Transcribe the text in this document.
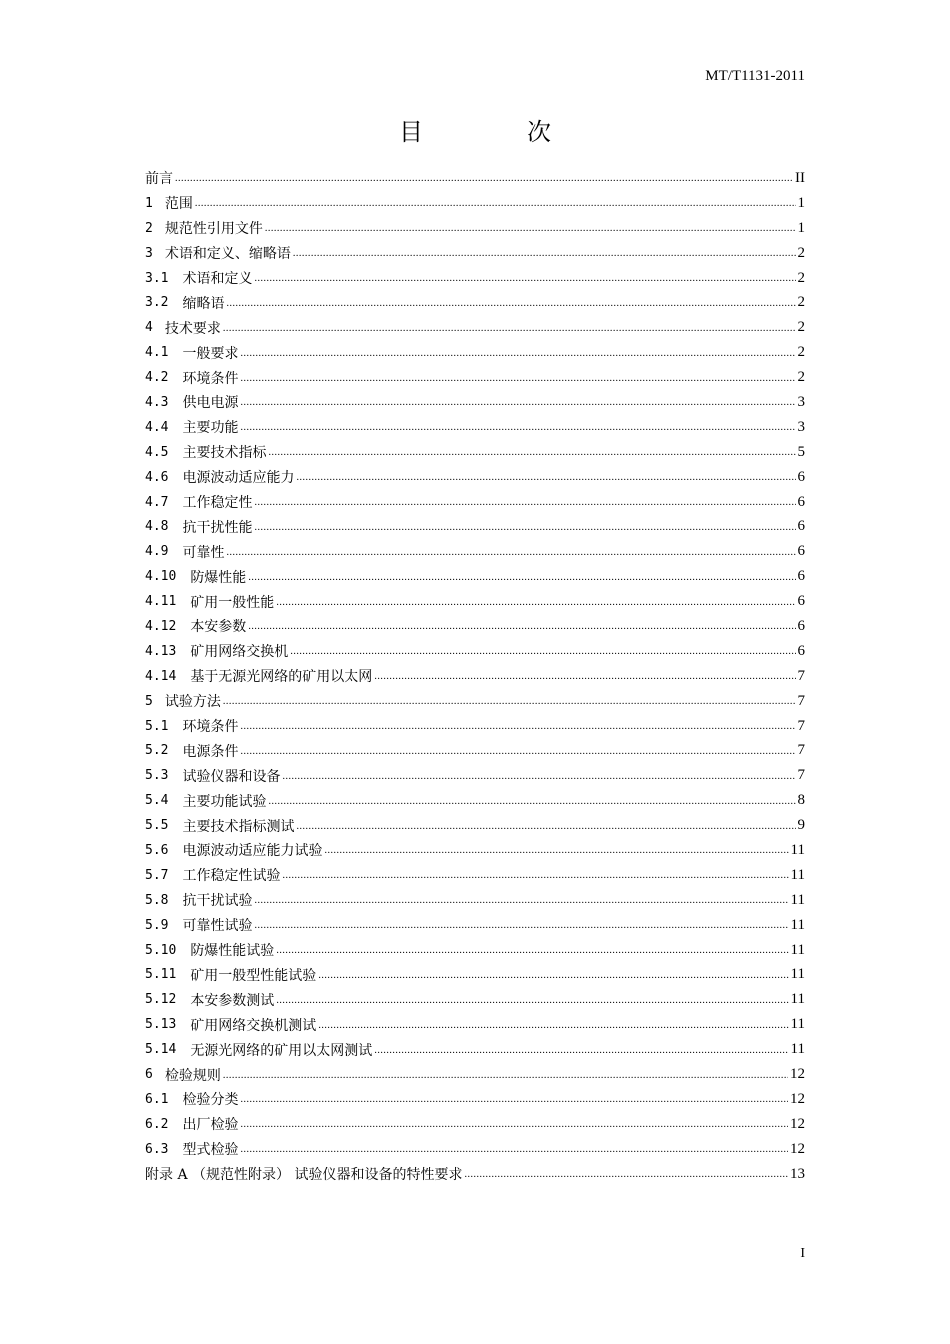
MT/T1131-2011
目　次
前言 .....	II
1 范围 .....	1
2 规范性引用文件 .....	1
3 术语和定义、缩略语 .....	2
3.1 术语和定义 .....	2
3.2 缩略语 .....	2
4 技术要求 .....	2
4.1 一般要求 .....	2
4.2 环境条件 .....	2
4.3 供电电源 .....	3
4.4 主要功能 .....	3
4.5 主要技术指标 .....	5
4.6 电源波动适应能力 .....	6
4.7 工作稳定性 .....	6
4.8 抗干扰性能 .....	6
4.9 可靠性 .....	6
4.10 防爆性能 .....	6
4.11 矿用一般性能 .....	6
4.12 本安参数 .....	6
4.13 矿用网络交换机 .....	6
4.14 基于无源光网络的矿用以太网 .....	7
5 试验方法 .....	7
5.1 环境条件 .....	7
5.2 电源条件 .....	7
5.3 试验仪器和设备 .....	7
5.4 主要功能试验 .....	8
5.5 主要技术指标测试 .....	9
5.6 电源波动适应能力试验 .....	11
5.7 工作稳定性试验 .....	11
5.8 抗干扰试验 .....	11
5.9 可靠性试验 .....	11
5.10 防爆性能试验 .....	11
5.11 矿用一般型性能试验 .....	11
5.12 本安参数测试 .....	11
5.13 矿用网络交换机测试 .....	11
5.14 无源光网络的矿用以太网测试 .....	11
6 检验规则 .....	12
6.1 检验分类 .....	12
6.2 出厂检验 .....	12
6.3 型式检验 .....	12
附录 A （规范性附录） 试验仪器和设备的特性要求 .....	13
I
